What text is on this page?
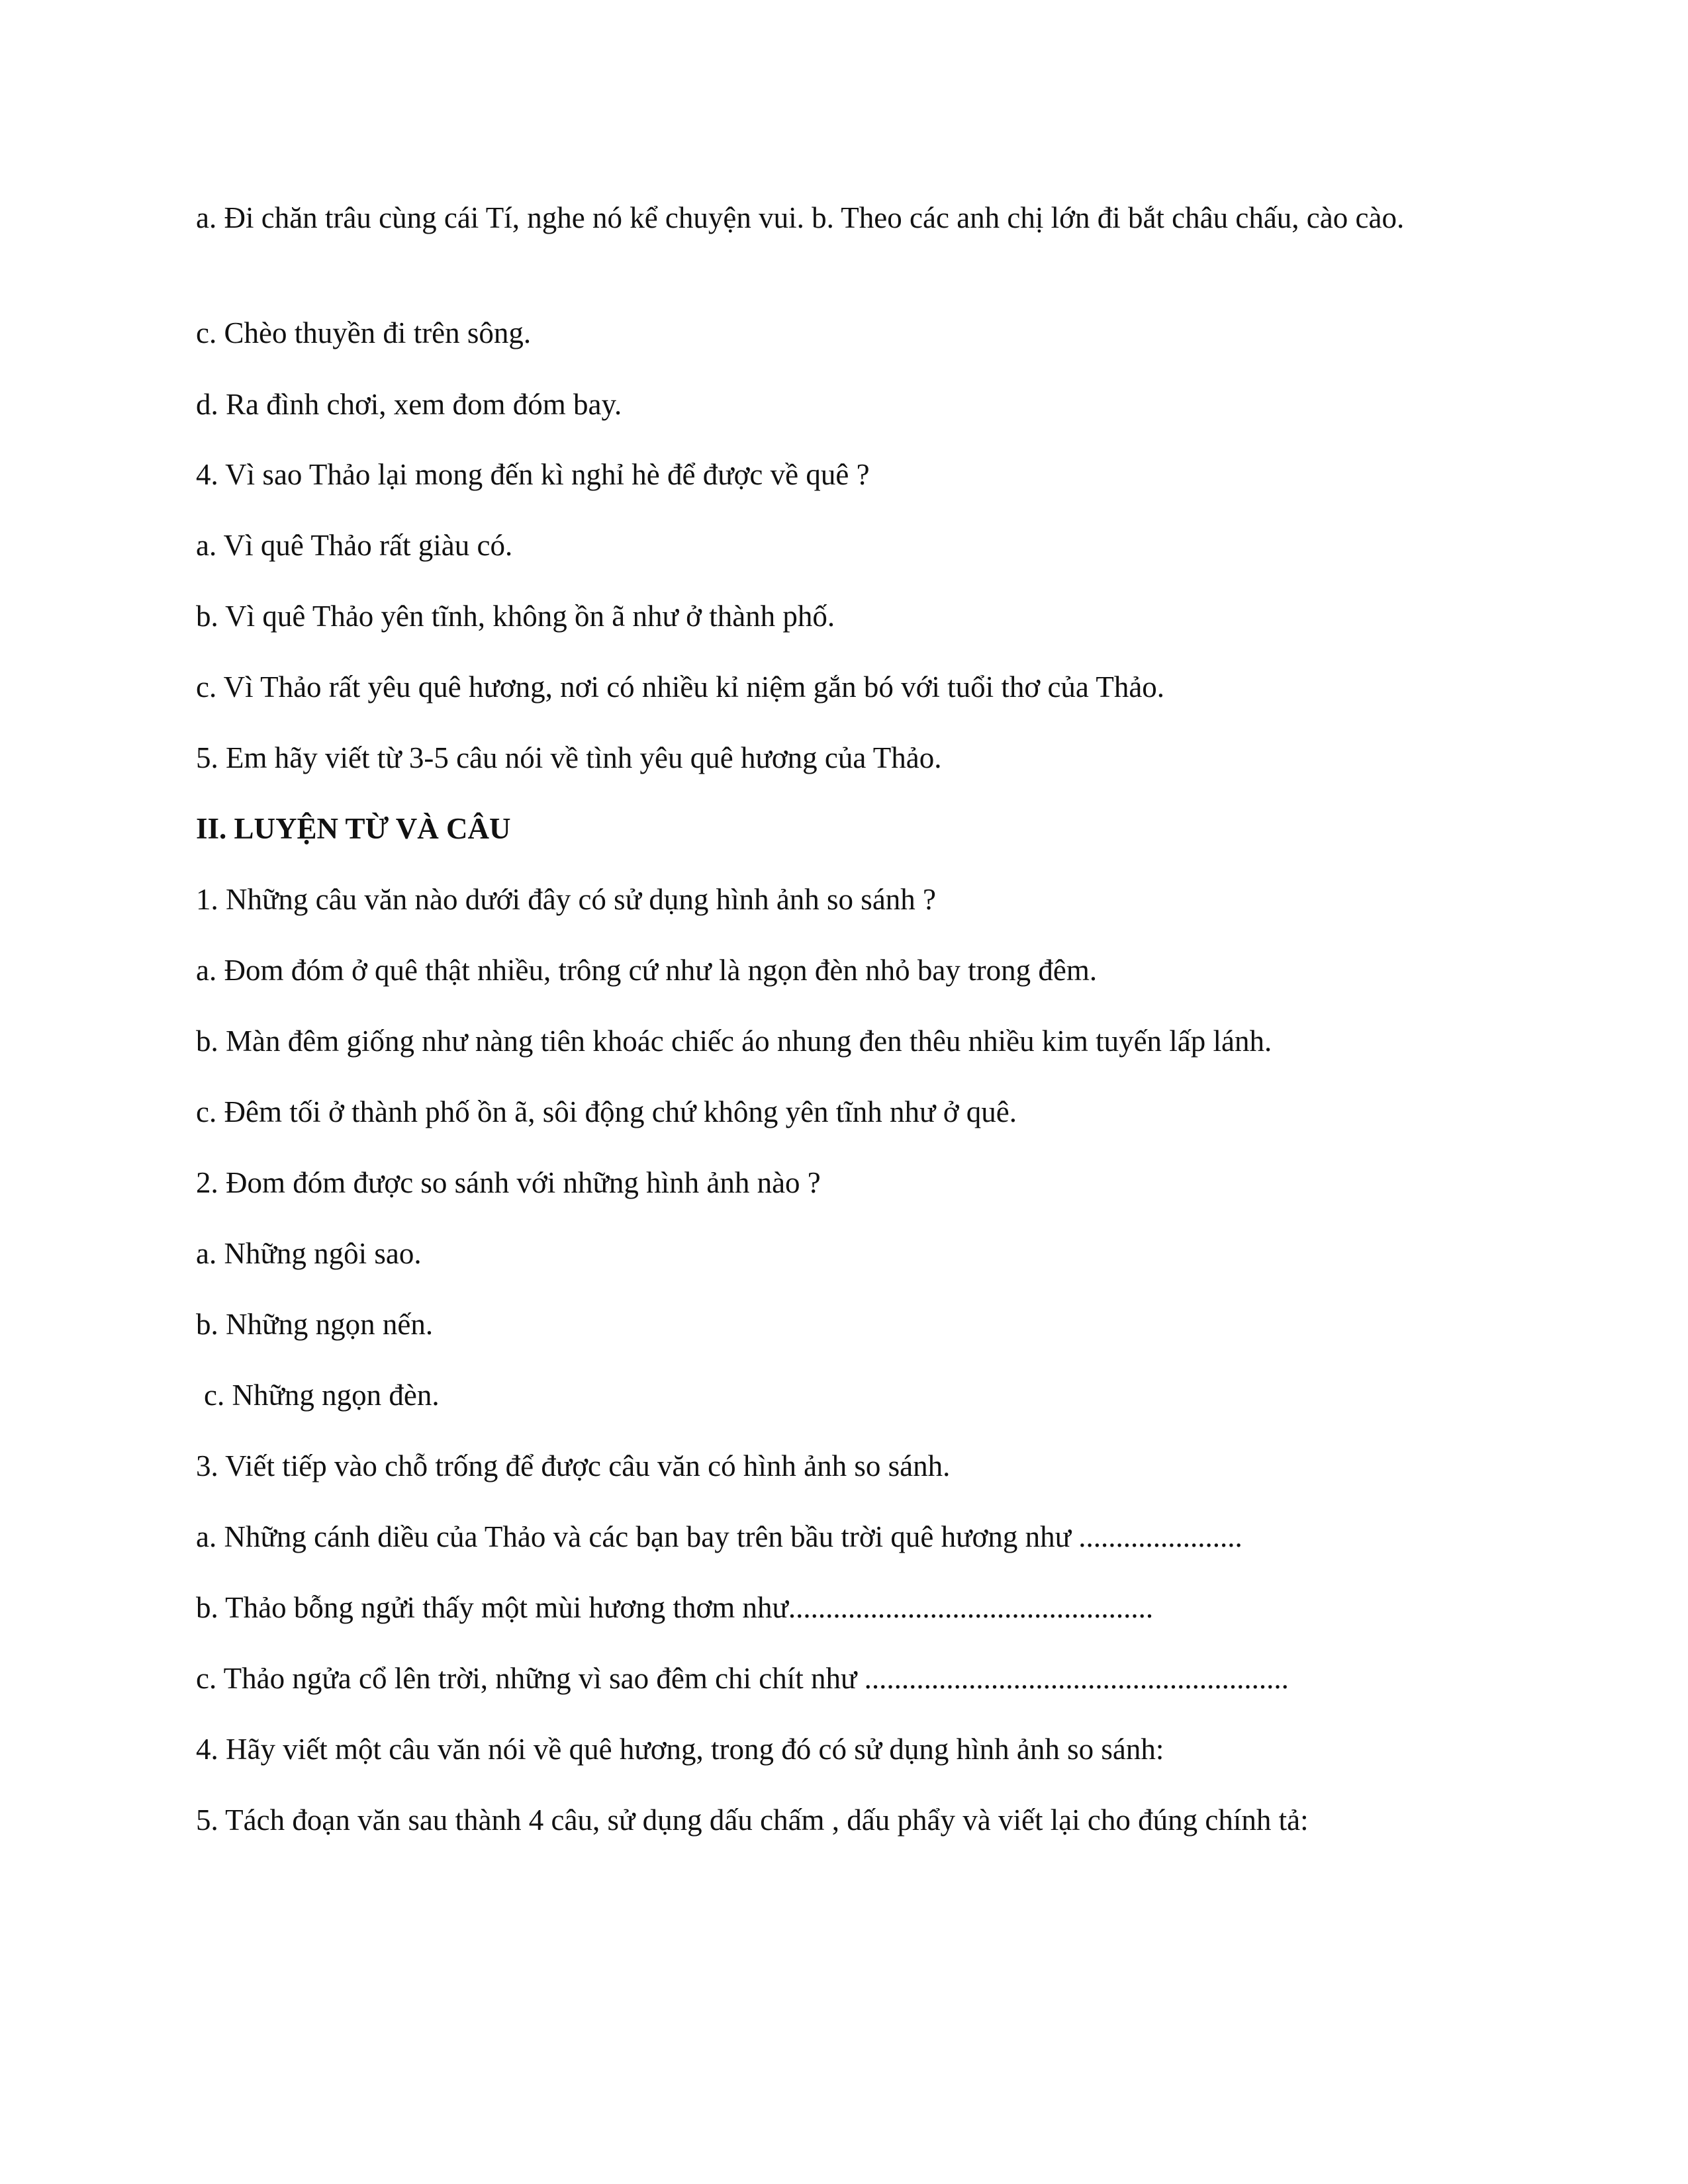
a. Đi chăn trâu cùng cái Tí, nghe nó kể chuyện vui. b. Theo các anh chị lớn đi bắt châu chấu, cào cào.

c. Chèo thuyền đi trên sông.

d. Ra đình chơi, xem đom đóm bay.

4. Vì sao Thảo lại mong đến kì nghỉ hè để được về quê ?

a. Vì quê Thảo rất giàu có.

b. Vì quê Thảo yên tĩnh, không ồn ã như ở thành phố.

c. Vì Thảo rất yêu quê hương, nơi có nhiều kỉ niệm gắn bó với tuổi thơ của Thảo.

5. Em hãy viết từ 3-5 câu nói về tình yêu quê hương của Thảo.

II. LUYỆN TỪ VÀ CÂU

1. Những câu văn nào dưới đây có sử dụng hình ảnh so sánh ?

a. Đom đóm ở quê thật nhiều, trông cứ như là ngọn đèn nhỏ bay trong đêm.

b. Màn đêm giống như nàng tiên khoác chiếc áo nhung đen thêu nhiều kim tuyến lấp lánh.

c. Đêm tối ở thành phố ồn ã, sôi động chứ không yên tĩnh như ở quê.

2. Đom đóm được so sánh với những hình ảnh nào ?

a. Những ngôi sao.

b. Những ngọn nến.

c. Những ngọn đèn.

3. Viết tiếp vào chỗ trống để được câu văn có hình ảnh so sánh.

a. Những cánh diều của Thảo và các bạn bay trên bầu trời quê hương như ......................

b. Thảo bỗng ngửi thấy một mùi hương thơm như.................................................

c. Thảo ngửa cổ lên trời, những vì sao đêm chi chít như .........................................................

4. Hãy viết một câu văn nói về quê hương, trong đó có sử dụng hình ảnh so sánh:

5. Tách đoạn văn sau thành 4 câu, sử dụng dấu chấm , dấu phẩy và viết lại cho đúng chính tả:
